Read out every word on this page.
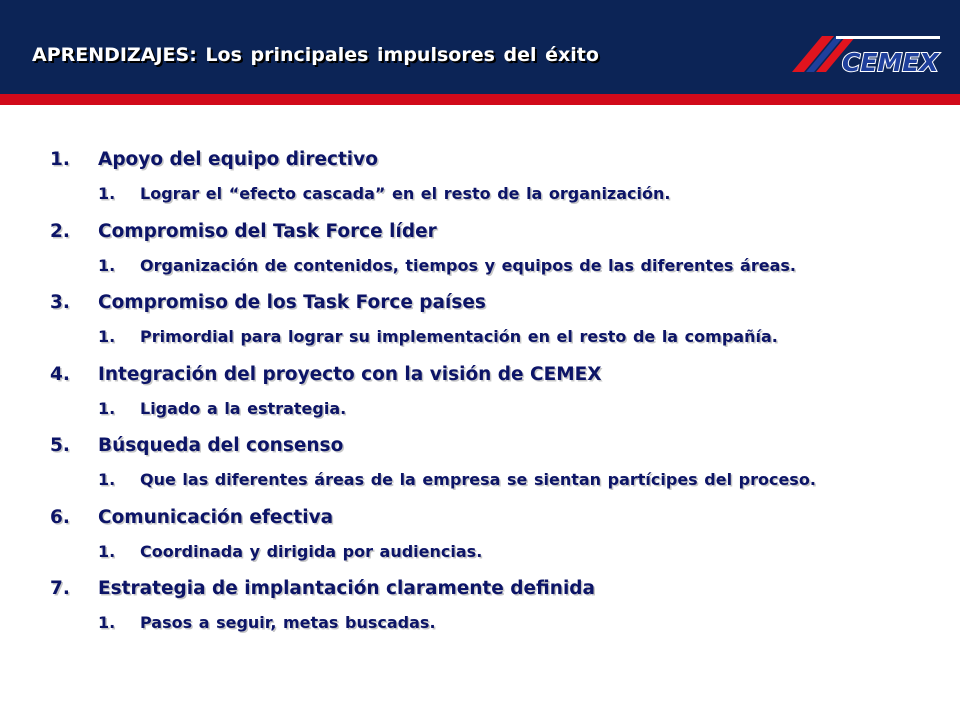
APRENDIZAJES: Los principales impulsores del éxito	CEMEX
1. Apoyo del equipo directivo
1. Lograr el “efecto cascada” en el resto de la organización.
2. Compromiso del Task Force líder
1. Organización de contenidos, tiempos y equipos de las diferentes áreas.
3. Compromiso de los Task Force países
1. Primordial para lograr su implementación en el resto de la compañía.
4. Integración del proyecto con la visión de CEMEX
1. Ligado a la estrategia.
5. Búsqueda del consenso
1. Que las diferentes áreas de la empresa se sientan partícipes del proceso.
6. Comunicación efectiva
1. Coordinada y dirigida por audiencias.
7. Estrategia de implantación claramente definida
1. Pasos a seguir, metas buscadas.
